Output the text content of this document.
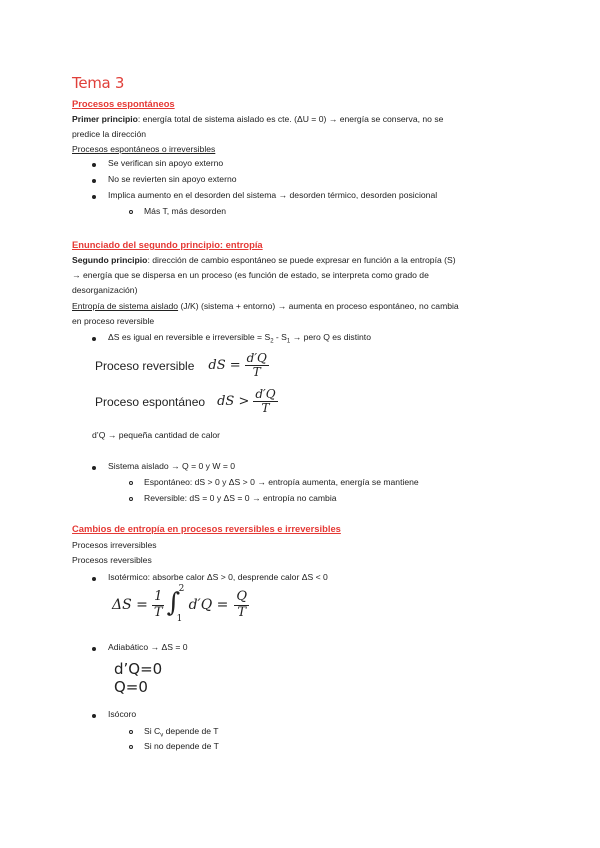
Tema 3
Procesos espontáneos
Primer principio: energía total de sistema aislado es cte. (ΔU = 0) → energía se conserva, no se
predice la dirección
Procesos espontáneos o irreversibles
Se verifican sin apoyo externo
No se revierten sin apoyo externo
Implica aumento en el desorden del sistema → desorden térmico, desorden posicional
Más T, más desorden
Enunciado del segundo principio: entropía
Segundo principio: dirección de cambio espontáneo se puede expresar en función a la entropía (S)
→ energía que se dispersa en un proceso (es función de estado, se interpreta como grado de
desorganización)
Entropía de sistema aislado (J/K) (sistema + entorno) → aumenta en proceso espontáneo, no cambia
en proceso reversible
ΔS es igual en reversible e irreversible = $S_2 - S_1$ → pero Q es distinto
Proceso reversible dS = $\frac{d'Q}{T}$
Proceso espontáneo dS > $\frac{d'Q}{T}$
d’Q → pequeña cantidad de calor
Sistema aislado → Q = 0 y W = 0
Espontáneo: dS > 0 y ΔS > 0 → entropía aumenta, energía se mantiene
Reversible: dS = 0 y ΔS = 0 → entropía no cambia
Cambios de entropía en procesos reversibles e irreversibles
Procesos irreversibles
Procesos reversibles
Isotérmico: absorbe calor ΔS > 0, desprende calor ΔS < 0
$\Delta S = \frac{1}{T}$ ∫
2
1
$d'Q = \frac{Q}{T}$
Adiabático → ΔS = 0
d’Q=0
Q=0
Isócoro
Si $C_v$ depende de T
Si no depende de T
